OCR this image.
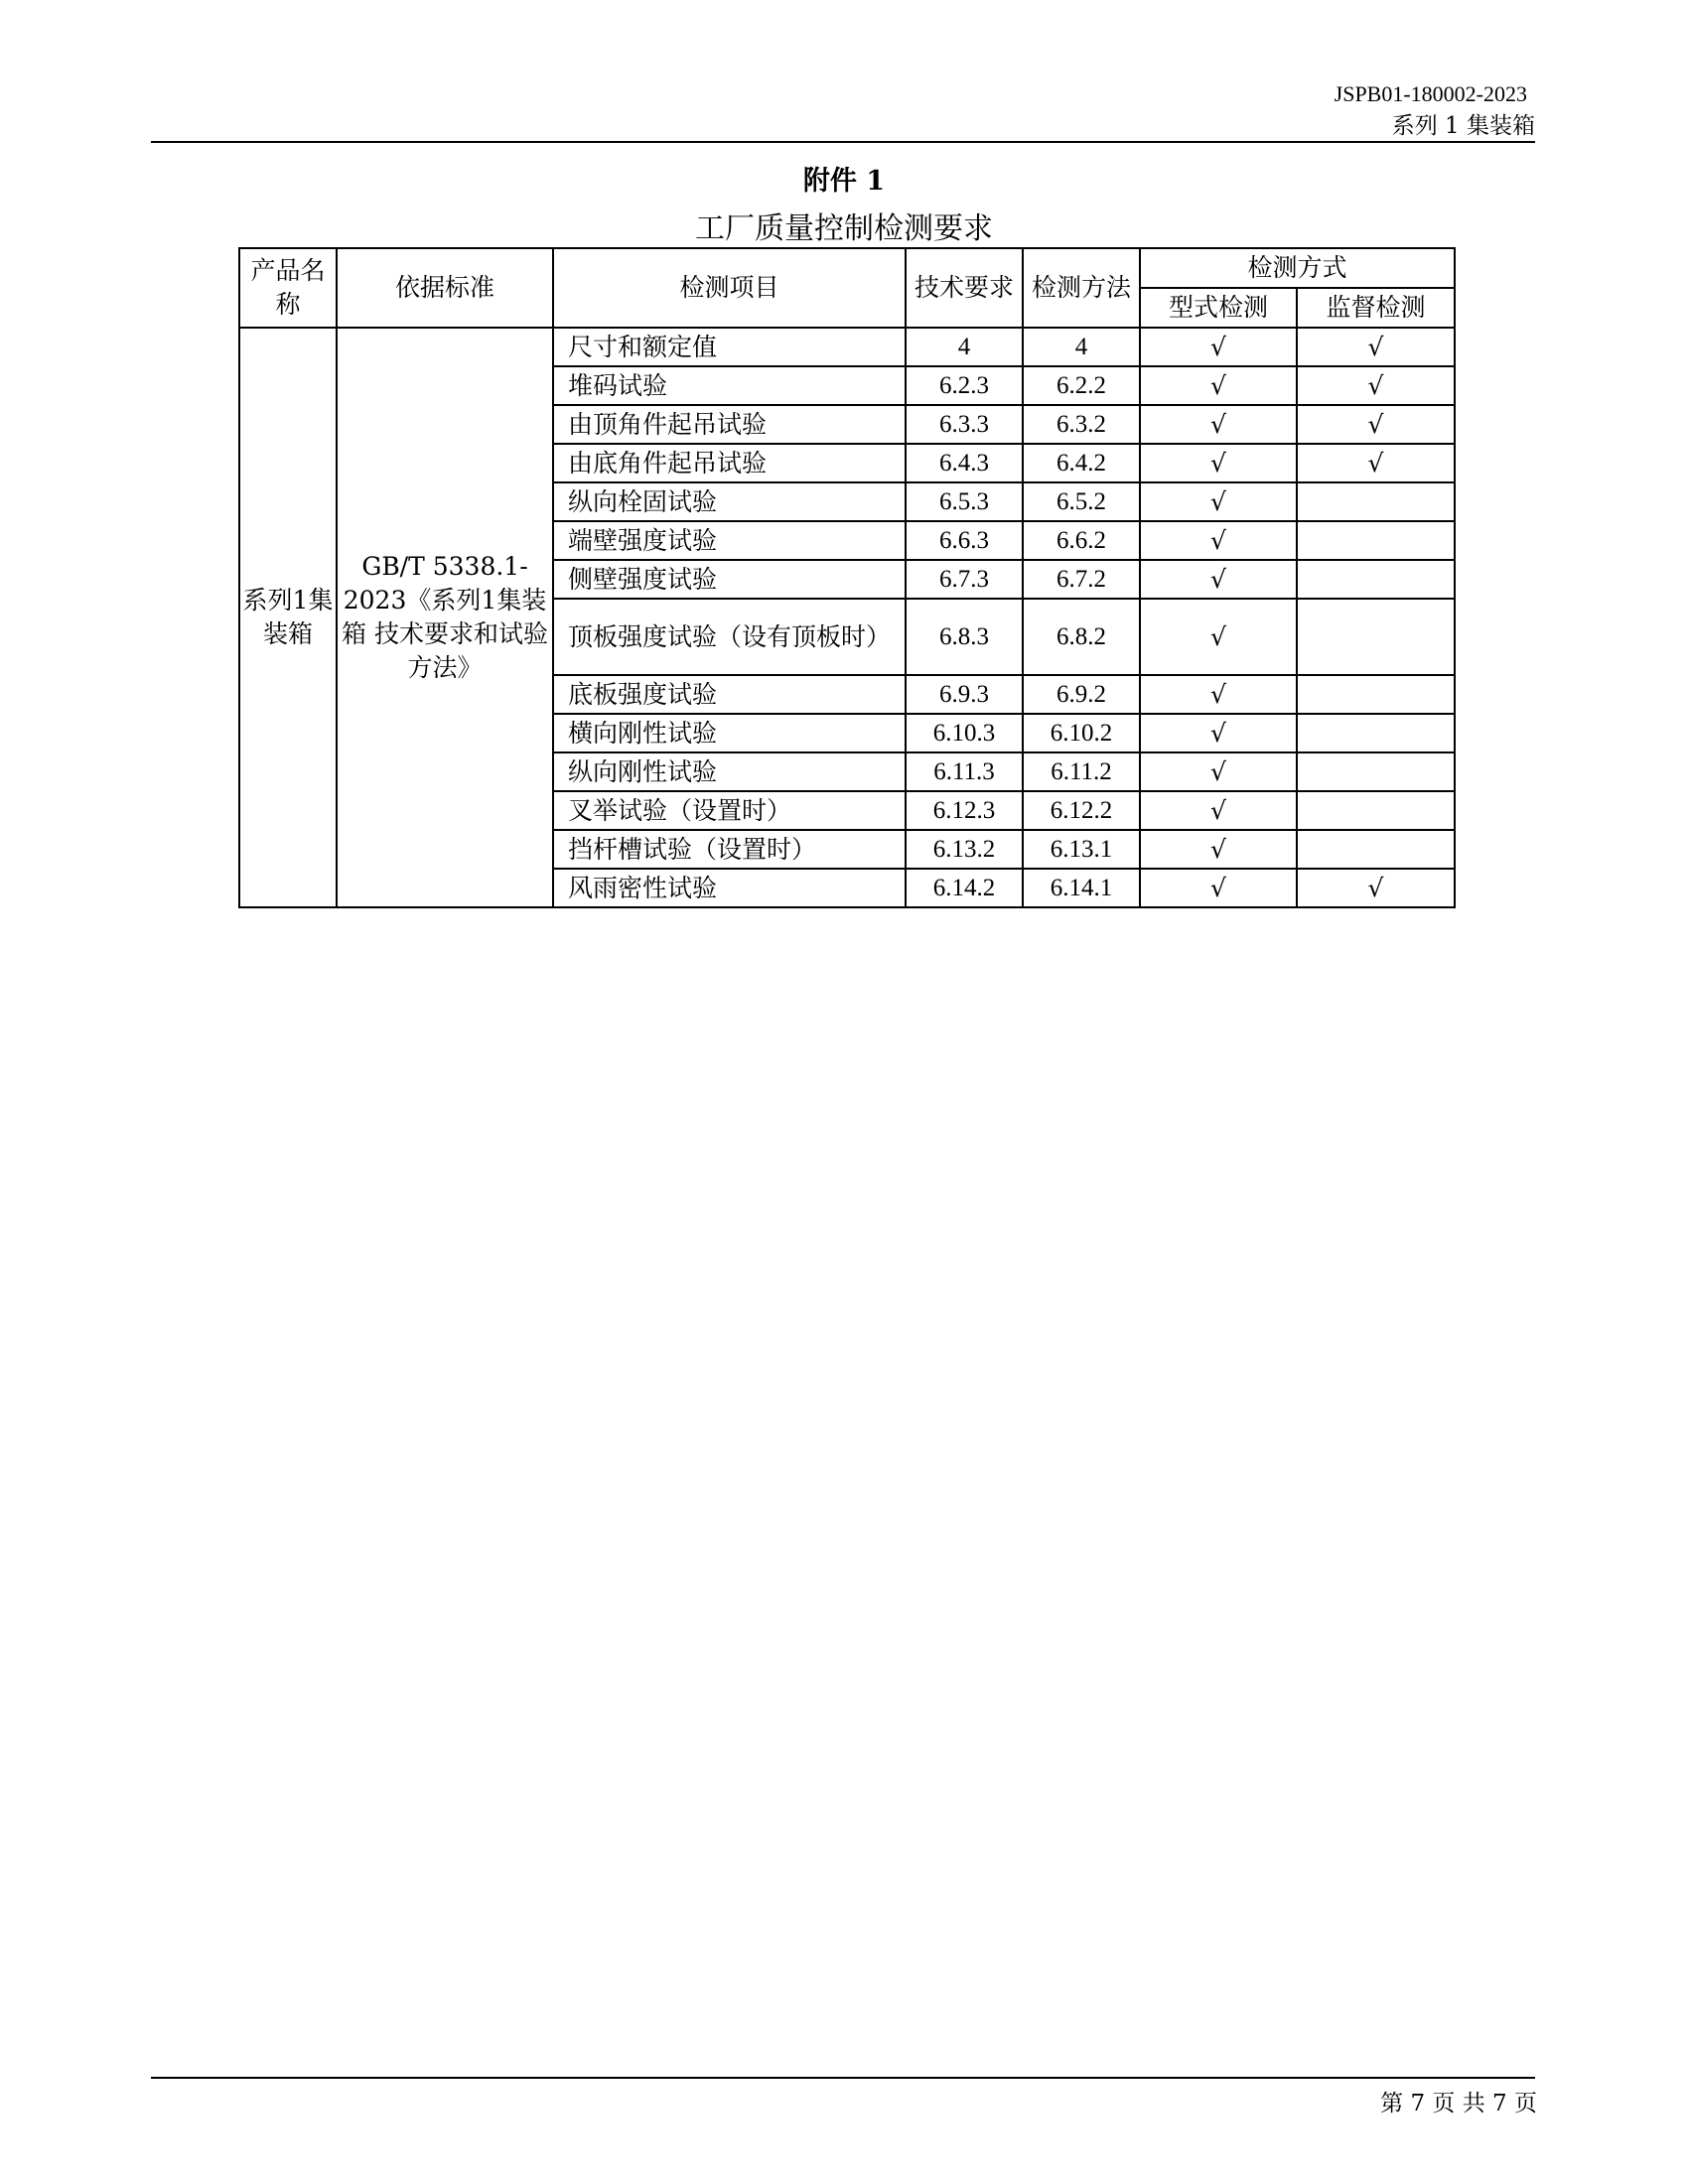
JSPB01-180002-2023
系列 1 集装箱
附件 1
工厂质量控制检测要求
产品名称	依据标准	检测项目	技术要求	检测方法	检测方式	
					型式检测	监督检测
系列1集装箱	GB/T 5338.1-2023《系列1集装箱 技术要求和试验方法》	尺寸和额定值	4	4	√	√
		堆码试验	6.2.3	6.2.2	√	√
		由顶角件起吊试验	6.3.3	6.3.2	√	√
		由底角件起吊试验	6.4.3	6.4.2	√	√
		纵向栓固试验	6.5.3	6.5.2	√	
		端壁强度试验	6.6.3	6.6.2	√	
		侧壁强度试验	6.7.3	6.7.2	√	
		顶板强度试验（设有顶板时）	6.8.3	6.8.2	√	
		底板强度试验	6.9.3	6.9.2	√	
		横向刚性试验	6.10.3	6.10.2	√	
		纵向刚性试验	6.11.3	6.11.2	√	
		叉举试验（设置时）	6.12.3	6.12.2	√	
		挡杆槽试验（设置时）	6.13.2	6.13.1	√	
		风雨密性试验	6.14.2	6.14.1	√	√
第 7 页 共 7 页
